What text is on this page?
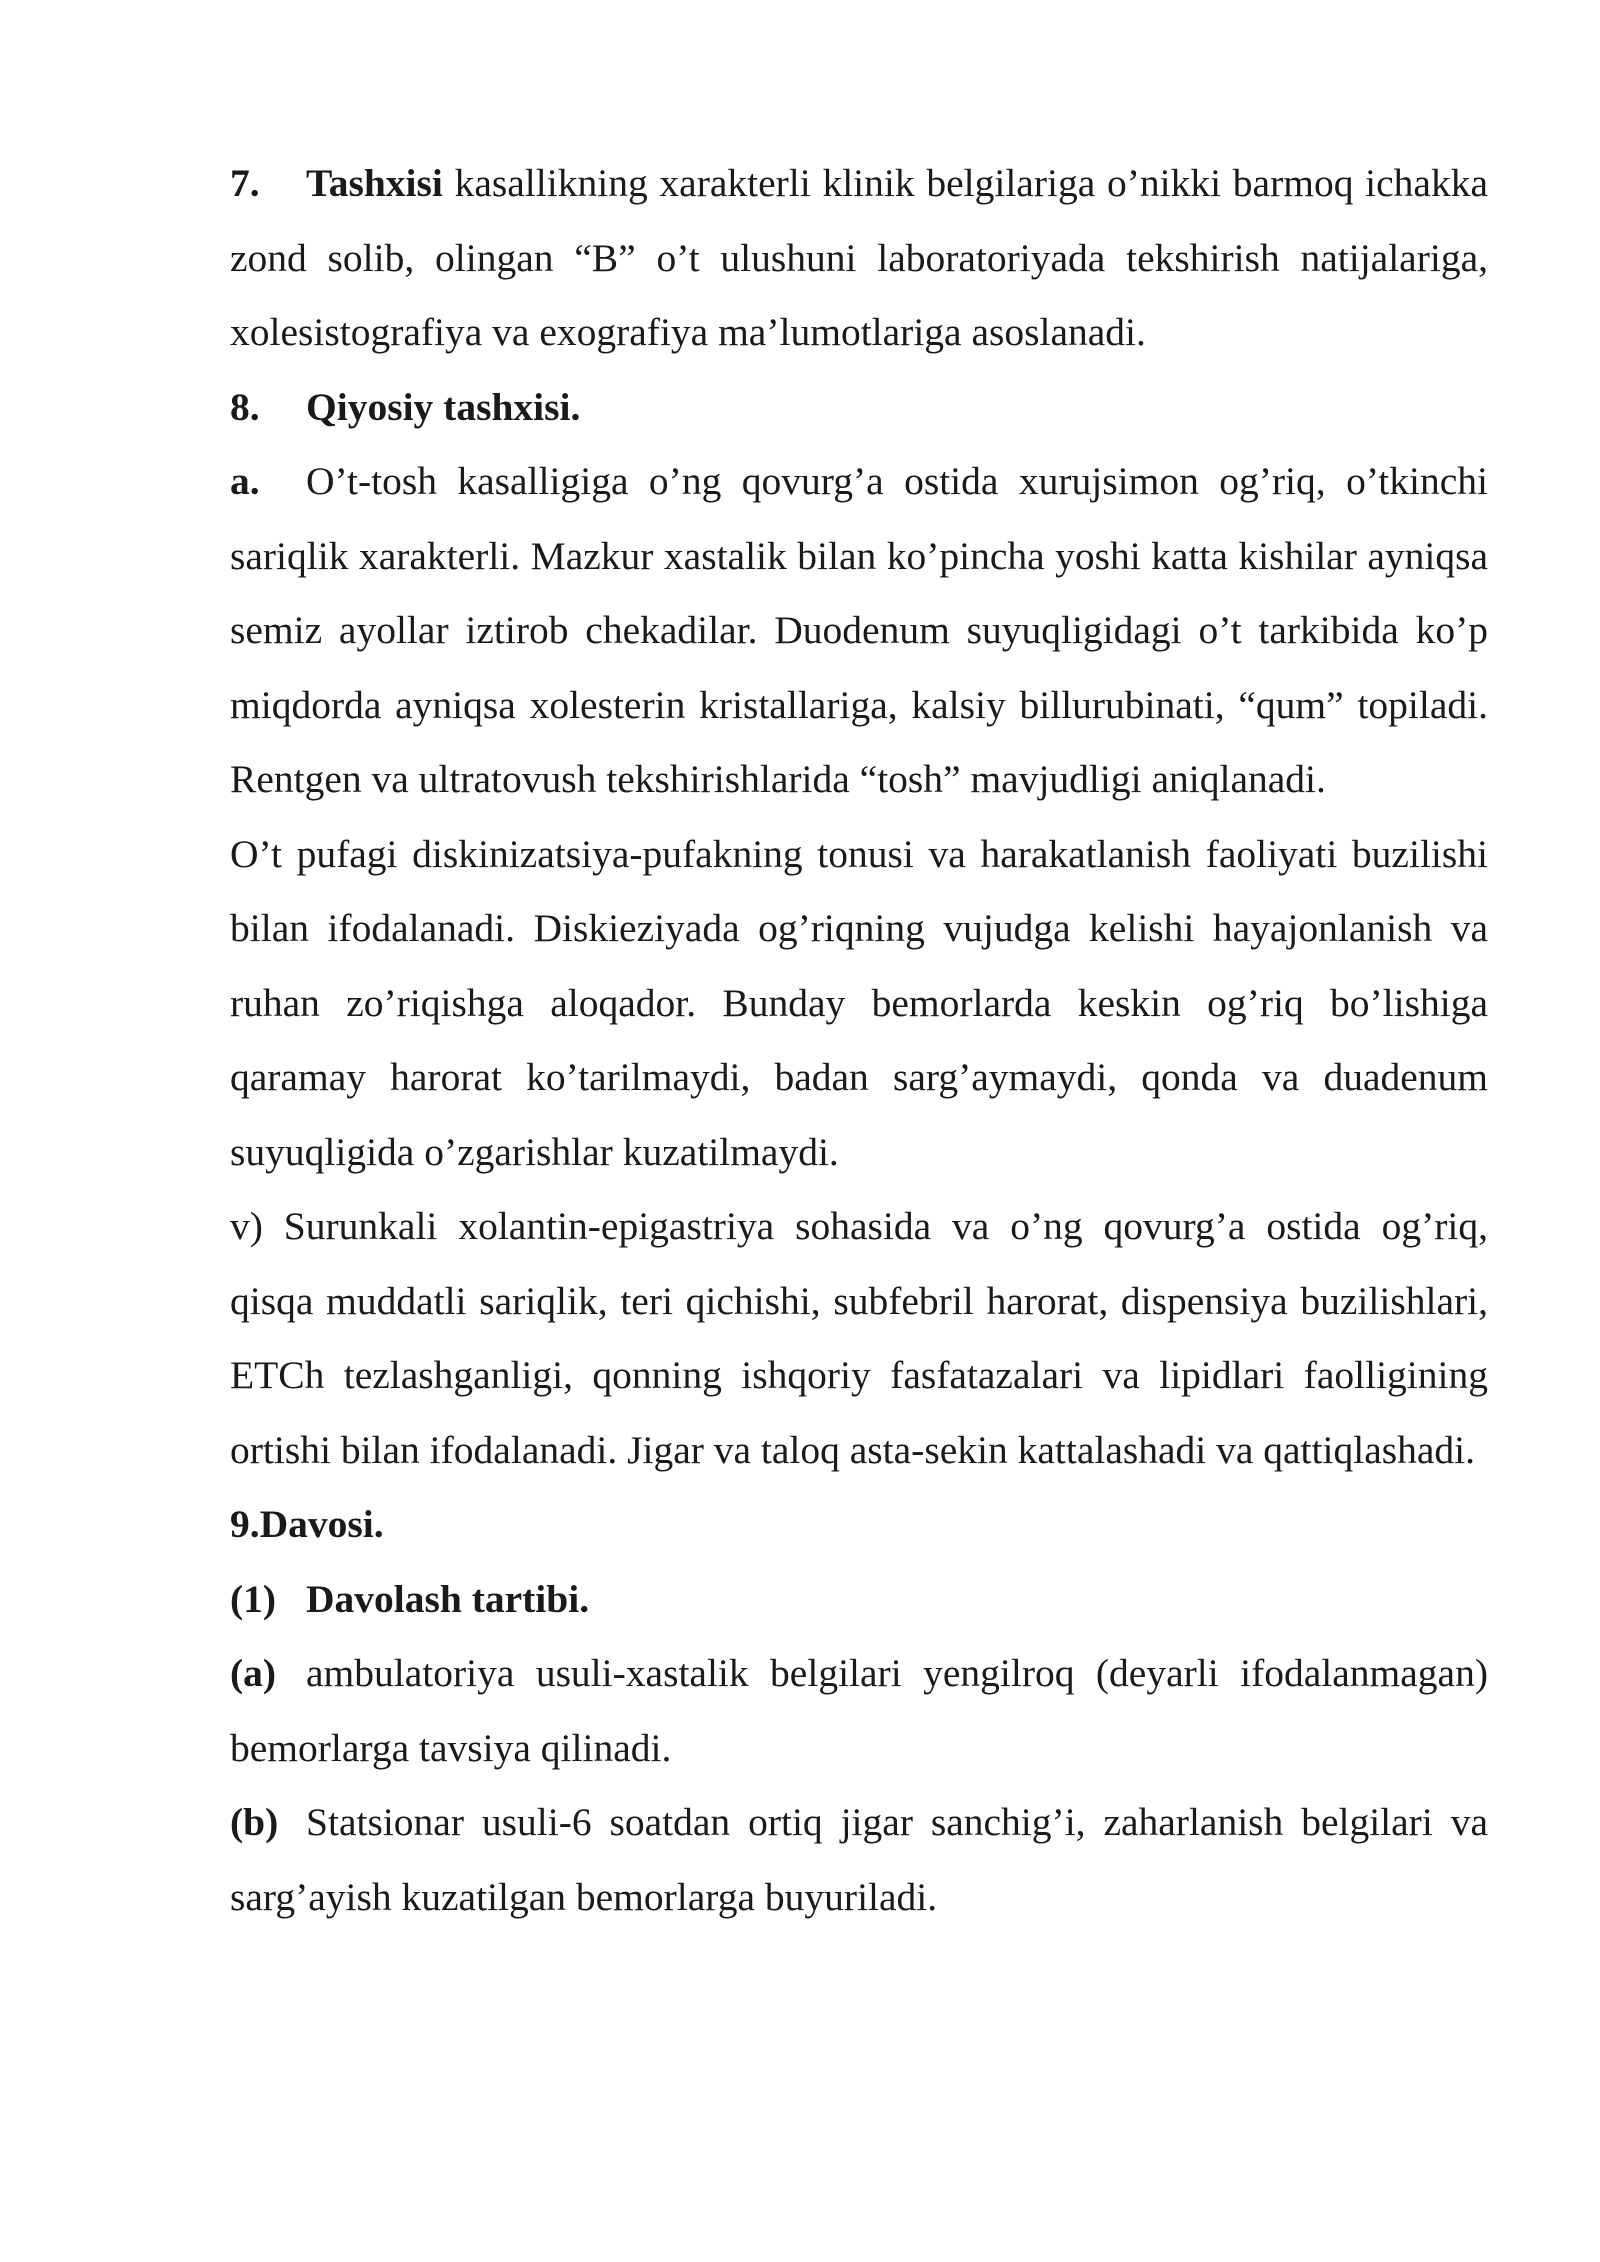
7. Tashxisi kasallikning xarakterli klinik belgilariga o’nikki barmoq ichakka zond solib, olingan “B” o’t ulushuni laboratoriyada tekshirish natijalariga, xolesistografiya va exografiya ma’lumotlariga asoslanadi.

8. Qiyosiy tashxisi.

a. O’t-tosh kasalligiga o’ng qovurg’a ostida xurujsimon og’riq, o’tkinchi sariqlik xarakterli. Mazkur xastalik bilan ko’pincha yoshi katta kishilar ayniqsa semiz ayollar iztirob chekadilar. Duodenum suyuqligidagi o’t tarkibida ko’p miqdorda ayniqsa xolesterin kristallariga, kalsiy billurubinati, “qum” topiladi. Rentgen va ultratovush tekshirishlarida “tosh” mavjudligi aniqlanadi.

O’t pufagi diskinizatsiya-pufakning tonusi va harakatlanish faoliyati buzilishi bilan ifodalanadi. Diskieziyada og’riqning vujudga kelishi hayajonlanish va ruhan zo’riqishga aloqador. Bunday bemorlarda keskin og’riq bo’lishiga qaramay harorat ko’tarilmaydi, badan sarg’aymaydi, qonda va duadenum suyuqligida o’zgarishlar kuzatilmaydi.

v) Surunkali xolantin-epigastriya sohasida va o’ng qovurg’a ostida og’riq, qisqa muddatli sariqlik, teri qichishi, subfebril harorat, dispensiya buzilishlari, ETCh tezlashganligi, qonning ishqoriy fasfatazalari va lipidlari faolligining ortishi bilan ifodalanadi. Jigar va taloq asta-sekin kattalashadi va qattiqlashadi.

9.Davosi.

(1) Davolash tartibi.

(a) ambulatoriya usuli-xastalik belgilari yengilroq (deyarli ifodalanmagan) bemorlarga tavsiya qilinadi.

(b) Statsionar usuli-6 soatdan ortiq jigar sanchig’i, zaharlanish belgilari va sarg’ayish kuzatilgan bemorlarga buyuriladi.
